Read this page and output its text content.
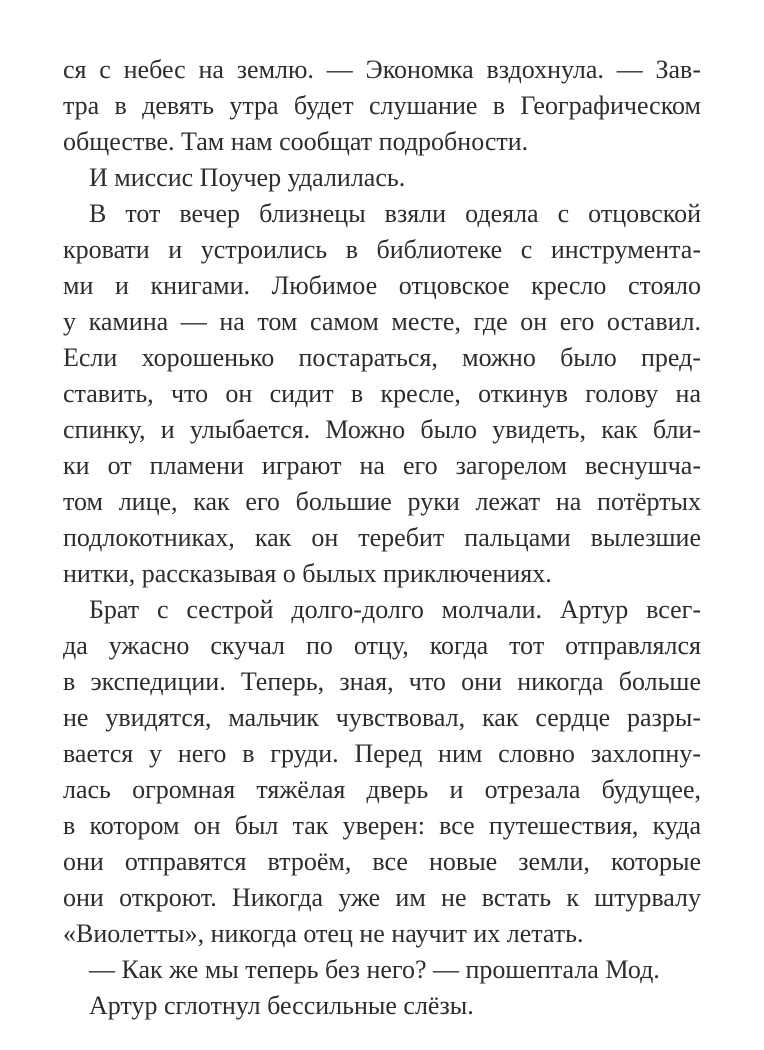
ся с небес на землю. — Экономка вздохнула. — Зав-
тра в девять утра будет слушание в Географическом
обществе. Там нам сообщат подробности.
И миссис Поучер удалилась.
В тот вечер близнецы взяли одеяла с отцовской
кровати и устроились в библиотеке с инструмента-
ми и книгами. Любимое отцовское кресло стояло
у камина — на том самом месте, где он его оставил.
Если хорошенько постараться, можно было пред-
ставить, что он сидит в кресле, откинув голову на
спинку, и улыбается. Можно было увидеть, как бли-
ки от пламени играют на его загорелом веснушча-
том лице, как его большие руки лежат на потёртых
подлокотниках, как он теребит пальцами вылезшие
нитки, рассказывая о былых приключениях.
Брат с сестрой долго-долго молчали. Артур всег-
да ужасно скучал по отцу, когда тот отправлялся
в экспедиции. Теперь, зная, что они никогда больше
не увидятся, мальчик чувствовал, как сердце разры-
вается у него в груди. Перед ним словно захлопну-
лась огромная тяжёлая дверь и отрезала будущее,
в котором он был так уверен: все путешествия, куда
они отправятся втроём, все новые земли, которые
они откроют. Никогда уже им не встать к штурвалу
«Виолетты», никогда отец не научит их летать.
— Как же мы теперь без него? — прошептала Мод.
Артур сглотнул бессильные слёзы.
